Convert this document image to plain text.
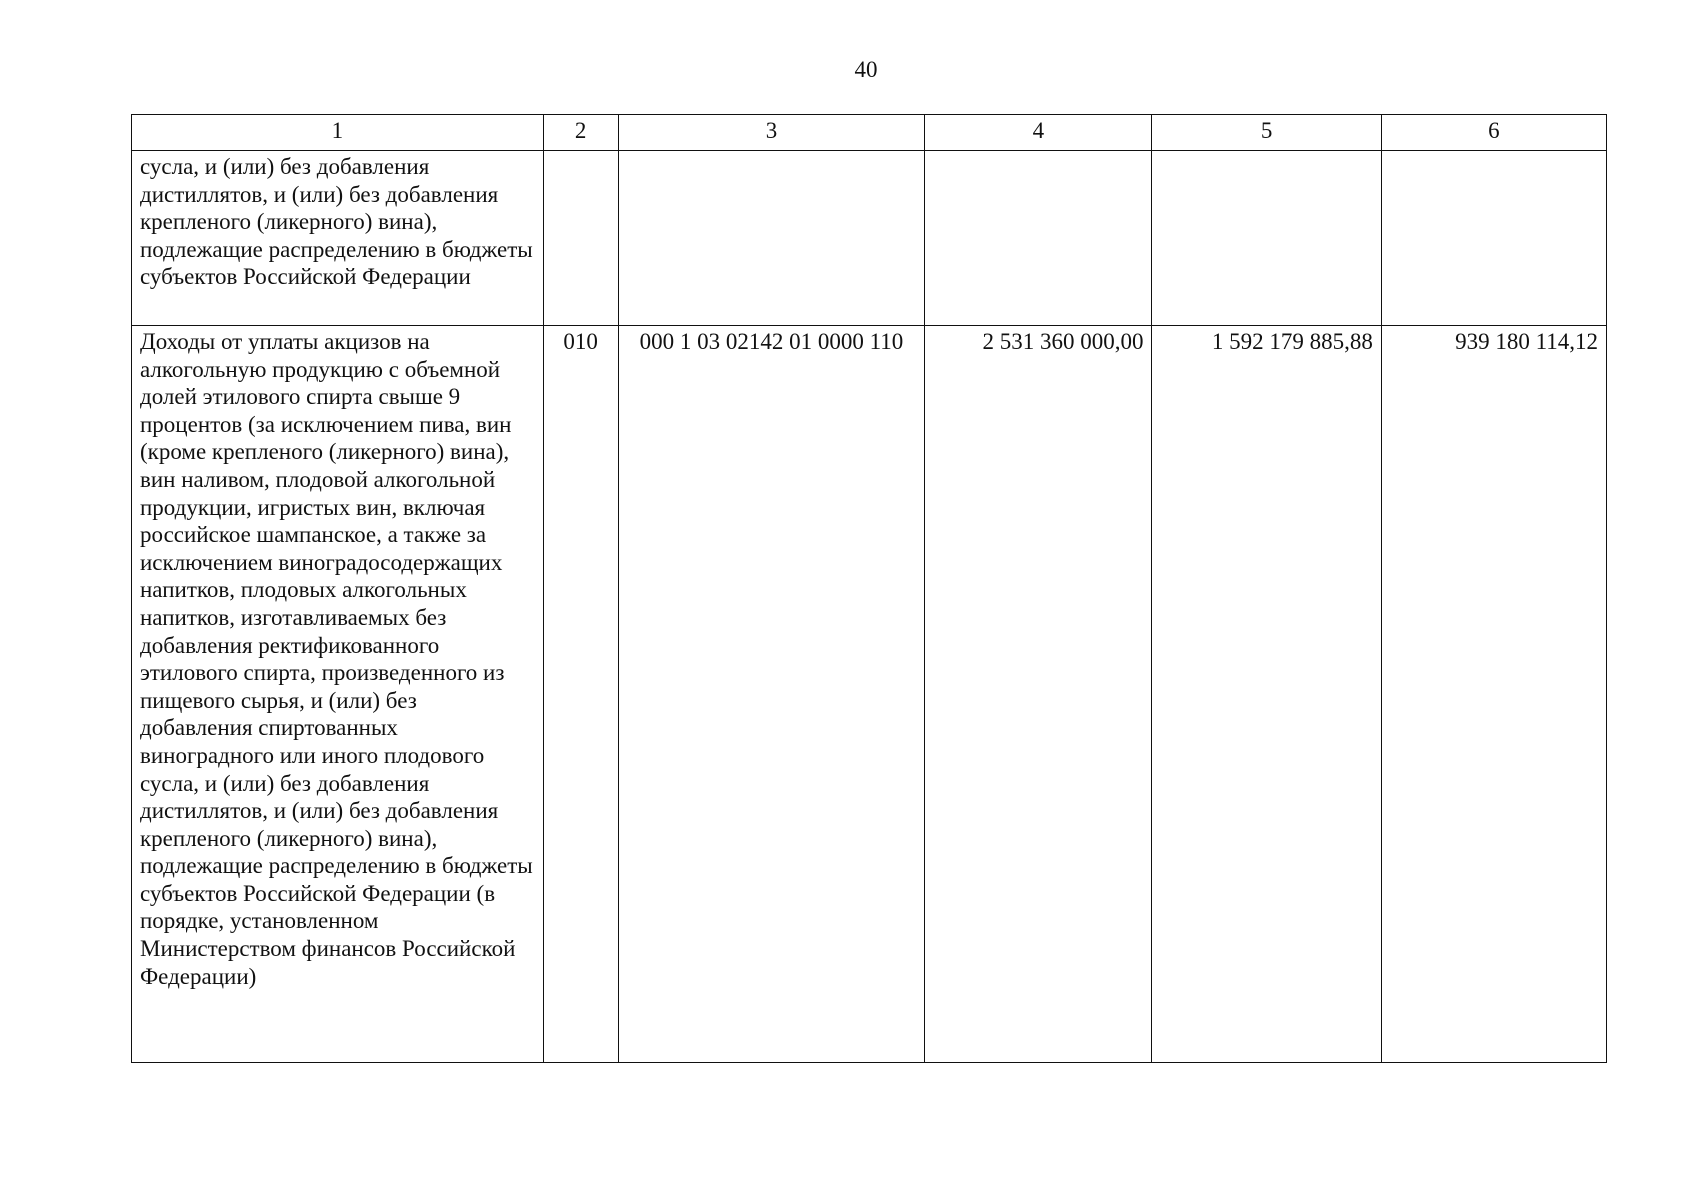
40
1	2	3	4	5	6
сусла, и (или) без добавления дистиллятов, и (или) без добавления крепленого (ликерного) вина), подлежащие распределению в бюджеты субъектов Российской Федерации					
Доходы от уплаты акцизов на алкогольную продукцию с объемной долей этилового спирта свыше 9 процентов (за исключением пива, вин (кроме крепленого (ликерного) вина), вин наливом, плодовой алкогольной продукции, игристых вин, включая российское шампанское, а также за исключением виноградосодержащих напитков, плодовых алкогольных напитков, изготавливаемых без добавления ректификованного этилового спирта, произведенного из пищевого сырья, и (или) без добавления спиртованных виноградного или иного плодового сусла, и (или) без добавления дистиллятов, и (или) без добавления крепленого (ликерного) вина), подлежащие распределению в бюджеты субъектов Российской Федерации (в порядке, установленном Министерством финансов Российской Федерации)	010	000 1 03 02142 01 0000 110	2 531 360 000,00	1 592 179 885,88	939 180 114,12
